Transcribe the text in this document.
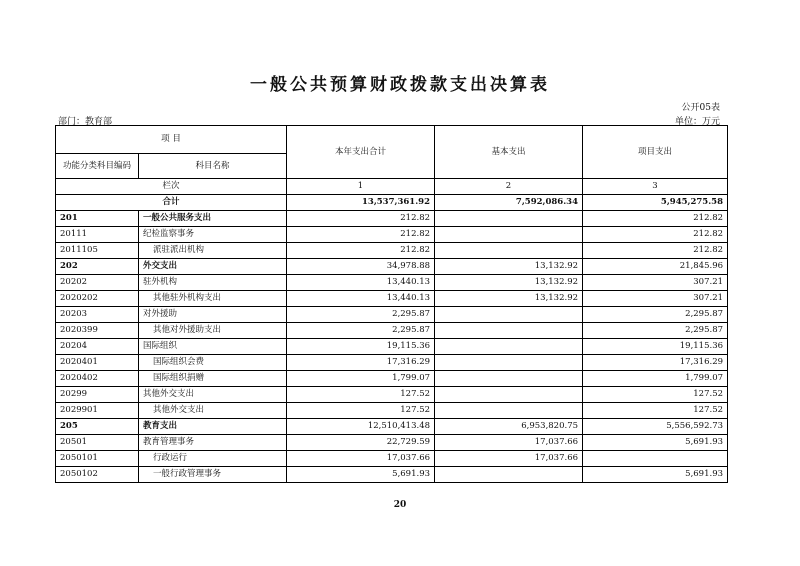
一般公共预算财政拨款支出决算表
公开05表
部门：教育部	单位：万元
项 目		本年支出合计	基本支出	项目支出
功能分类科目编码	科目名称			
栏次		1	2	3
合计		13,537,361.92	7,592,086.34	5,945,275.58
201	一般公共服务支出	212.82		212.82
20111	纪检监察事务	212.82		212.82
2011105	派驻派出机构	212.82		212.82
202	外交支出	34,978.88	13,132.92	21,845.96
20202	驻外机构	13,440.13	13,132.92	307.21
2020202	其他驻外机构支出	13,440.13	13,132.92	307.21
20203	对外援助	2,295.87		2,295.87
2020399	其他对外援助支出	2,295.87		2,295.87
20204	国际组织	19,115.36		19,115.36
2020401	国际组织会费	17,316.29		17,316.29
2020402	国际组织捐赠	1,799.07		1,799.07
20299	其他外交支出	127.52		127.52
2029901	其他外交支出	127.52		127.52
205	教育支出	12,510,413.48	6,953,820.75	5,556,592.73
20501	教育管理事务	22,729.59	17,037.66	5,691.93
2050101	行政运行	17,037.66	17,037.66	
2050102	一般行政管理事务	5,691.93		5,691.93
20
